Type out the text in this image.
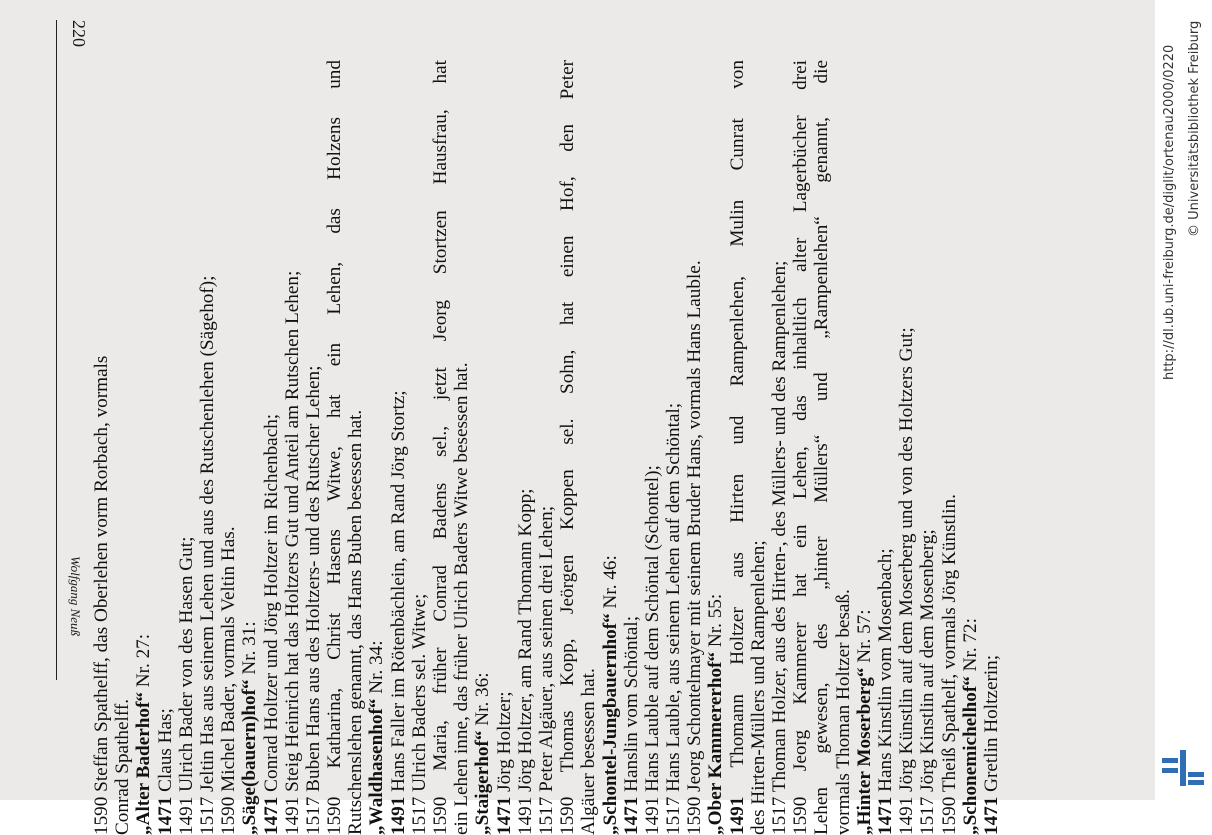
220
Wolfgang Neuß 1590 Steffan Spathelff, das Oberlehen vorm Rorbach, vormals Conrad Spathelff. „Alter Baderhof“ Nr. 27:
1471 Claus Has; 1491 Ulrich Bader von des Hasen Gut; 1517 Jeltin Has aus seinem Lehen und aus des Rutschenlehen (Sägehof); 1590 Michel Bader, vormals Veltin Has. „Säge(bauern)hof“ Nr. 31:
1471 Conrad Holtzer und Jörg Holtzer im Richenbach; 1491 Steig Heinrich hat das Holtzers Gut und Anteil am Rutschen Lehen; 1517 Buben Hans aus des Holtzers- und des Rutscher Lehen; 1590 Katharina, Christ Hasens Witwe, hat ein Lehen, das Holzens und Rutschenslehen genannt, das Hans Buben besessen hat. „Waldhasenhof“ Nr. 34:
1491 Hans Faller im Rötenbächlein, am Rand Jörg Stortz; 1517 Ulrich Baders sel. Witwe; 1590 Maria, früher Conrad Badens sel., jetzt Jeorg Stortzen Hausfrau, hat ein Lehen inne, das früher Ulrich Baders Witwe besessen hat. „Staigerhof“ Nr. 36:
1471 Jörg Holtzer; 1491 Jörg Holtzer, am Rand Thomann Kopp; 1517 Peter Algäuer, aus seinen drei Lehen; 1590 Thomas Kopp, Jeörgen Koppen sel. Sohn, hat einen Hof, den Peter Algäuer besessen hat. „Schontel-Jungbauernhof“ Nr. 46:
1471 Hanslin vom Schöntal; 1491 Hans Lauble auf dem Schöntal (Schontel); 1517 Hans Lauble, aus seinem Lehen auf dem Schöntal; 1590 Jeorg Schontelmayer mit seinem Bruder Hans, vormals Hans Lauble. „Ober Kammererhof“ Nr. 55:
1491 Thomann Holtzer aus Hirten und Rampenlehen, Mulin Cunrat von des Hirten-Müllers und Rampenlehen; 1517 Thoman Holzer, aus des Hirten-, des Müllers- und des Rampenlehen; 1590 Jeorg Kammerer hat ein Lehen, das inhaltlich alter Lagerbücher drei Lehen gewesen, des „hinter Müllers“ und „Rampenlehen“ genannt, die vormals Thoman Holtzer besaß. „Hinter Moserberg“ Nr. 57:
1471 Hans Kinstlin vom Mosenbach; 1491 Jörg Künstlin auf dem Moserberg und von des Holtzers Gut; 1517 Jörg Kinstlin auf dem Mosenberg; 1590 Theiß Spathelf, vormals Jörg Künstlin. „Schonemichelhof“ Nr. 72:
1471 Gretlin Holtzerin;
http://dl.ub.uni-freiburg.de/diglit/ortenau2000/0220 © Universitätsbibliothek Freiburg
